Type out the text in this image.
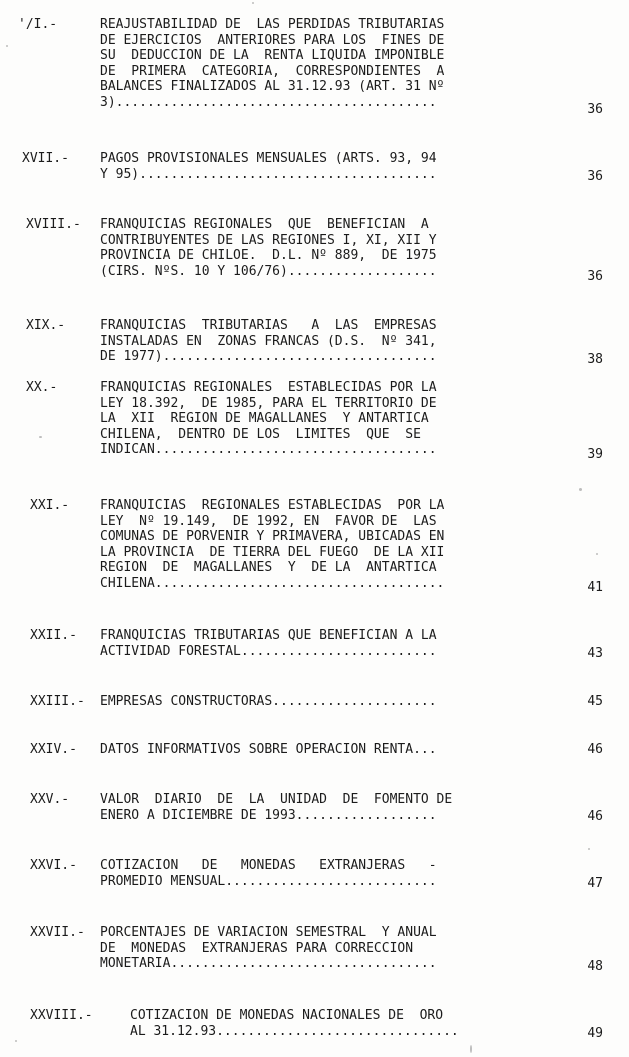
'/I.-	REAJUSTABILIDAD DE  LAS PERDIDAS TRIBUTARIAS
DE EJERCICIOS  ANTERIORES PARA LOS  FINES DE
SU  DEDUCCION DE LA  RENTA LIQUIDA IMPONIBLE
DE  PRIMERA  CATEGORIA,  CORRESPONDIENTES  A
BALANCES FINALIZADOS AL 31.12.93 (ART. 31 Nº
3).........................................	36
XVII.- PAGOS PROVISIONALES MENSUALES (ARTS. 93, 94
Y 95)......................................	36
XVIII.- FRANQUICIAS REGIONALES  QUE  BENEFICIAN  A
CONTRIBUYENTES DE LAS REGIONES I, XI, XII Y
PROVINCIA DE CHILOE.  D.L. Nº 889,  DE 1975
(CIRS. NºS. 10 Y 106/76)...................	36
XIX.-	FRANQUICIAS  TRIBUTARIAS   A  LAS  EMPRESAS
INSTALADAS EN  ZONAS FRANCAS (D.S.  Nº 341,
DE 1977)...................................	38
XX.-	FRANQUICIAS REGIONALES  ESTABLECIDAS POR LA
LEY 18.392,  DE 1985, PARA EL TERRITORIO DE
LA  XII  REGION DE MAGALLANES  Y ANTARTICA
CHILENA,  DENTRO DE LOS  LIMITES  QUE  SE
INDICAN....................................	39
XXI.- FRANQUICIAS  REGIONALES ESTABLECIDAS  POR LA
LEY  Nº 19.149,  DE 1992, EN  FAVOR DE  LAS
COMUNAS DE PORVENIR Y PRIMAVERA, UBICADAS EN
LA PROVINCIA  DE TIERRA DEL FUEGO  DE LA XII
REGION  DE  MAGALLANES  Y  DE LA  ANTARTICA
CHILENA.....................................	41
XXII.- FRANQUICIAS TRIBUTARIAS QUE BENEFICIAN A LA
ACTIVIDAD FORESTAL.........................	43
XXIII.- EMPRESAS CONSTRUCTORAS.....................	45
XXIV.- DATOS INFORMATIVOS SOBRE OPERACION RENTA...	46
XXV.- VALOR  DIARIO  DE  LA  UNIDAD  DE  FOMENTO DE
ENERO A DICIEMBRE DE 1993..................	46
XXVI.- COTIZACION   DE   MONEDAS   EXTRANJERAS   -
PROMEDIO MENSUAL...........................	47
XXVII.- PORCENTAJES DE VARIACION SEMESTRAL  Y ANUAL
DE  MONEDAS  EXTRANJERAS PARA CORRECCION
MONETARIA..................................	48
XXVIII.-	COTIZACION DE MONEDAS NACIONALES DE  ORO
AL 31.12.93...............................	49
